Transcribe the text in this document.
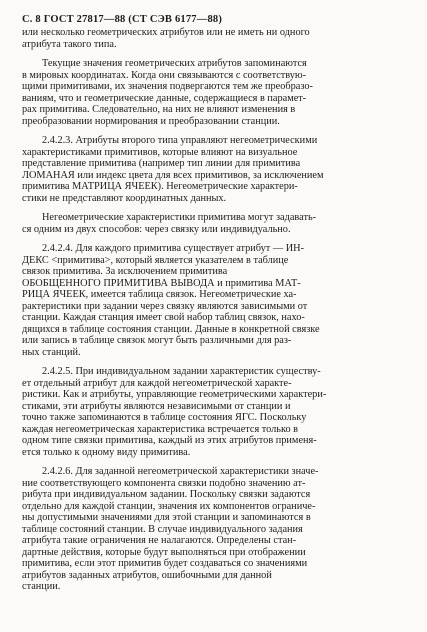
С. 8 ГОСТ 27817—88 (СТ СЭВ 6177—88)
или несколько геометрических атрибутов или не иметь ни одного
атрибута такого типа.
Текущие значения геометрических атрибутов запоминаются
в мировых координатах. Когда они связываются с соответствую-
щими примитивами, их значения подвергаются тем же преобразо-
ваниям, что и геометрические данные, содержащиеся в парамет-
рах примитива. Следовательно, на них не влияют изменения в
преобразовании нормирования и преобразовании станции.
2.4.2.3. Атрибуты второго типа управляют негеометрическими
характеристиками примитивов, которые влияют на визуальное
представление примитива (например тип линии для примитива
ЛОМАНАЯ или индекс цвета для всех примитивов, за исключением
примитива МАТРИЦА ЯЧЕЕК). Негеометрические характери-
стики не представляют координатных данных.
Негеометрические характеристики примитива могут задавать-
ся одним из двух способов: через связку или индивидуально.
2.4.2.4. Для каждого примитива существует атрибут — ИН-
ДЕКС <примитива>, который является указателем в таблице
связок примитива. За исключением примитива
ОБОБЩЕННОГО ПРИМИТИВА ВЫВОДА и примитива МАТ-
РИЦА ЯЧЕЕК, имеется таблица связок. Негеометрические ха-
рактеристики при задании через связку являются зависимыми от
станции. Каждая станция имеет свой набор таблиц связок, нахо-
дящихся в таблице состояния станции. Данные в конкретной связке
или запись в таблице связок могут быть различными для раз-
ных станций.
2.4.2.5. При индивидуальном задании характеристик существу-
ет отдельный атрибут для каждой негеометрической характе-
ристики. Как и атрибуты, управляющие геометрическими характери-
стиками, эти атрибуты являются независимыми от станции и
точно также запоминаются в таблице состояния ЯГС. Поскольку
каждая негеометрическая характеристика встречается только в
одном типе связки примитива, каждый из этих атрибутов применя-
ется только к одному виду примитива.
2.4.2.6. Для заданной негеометрической характеристики значе-
ние соответствующего компонента связки подобно значению ат-
рибута при индивидуальном задании. Поскольку связки задаются
отдельно для каждой станции, значения их компонентов ограниче-
ны допустимыми значениями для этой станции и запоминаются в
таблице состояний станции. В случае индивидуального задания
атрибута такие ограничения не налагаются. Определены стан-
дартные действия, которые будут выполняться при отображении
примитива, если этот примитив будет создаваться со значениями
атрибутов заданных атрибутов, ошибочными для данной
станции.
